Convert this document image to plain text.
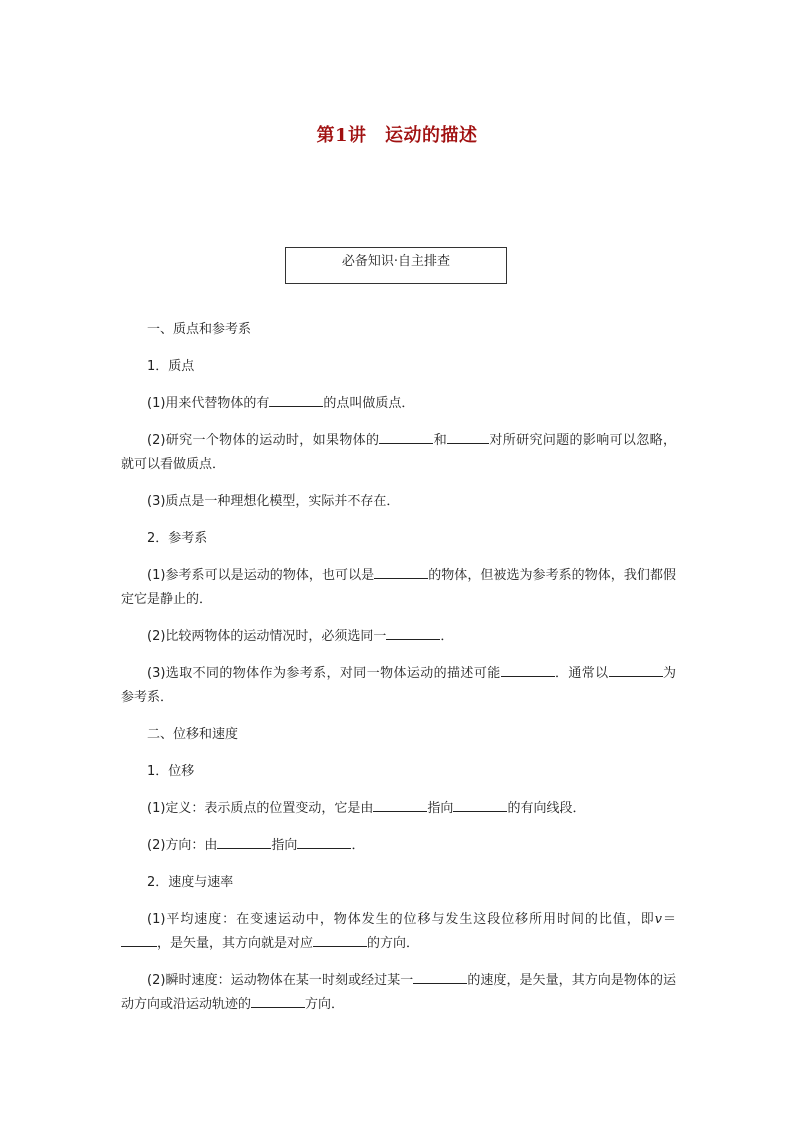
第1讲　运动的描述
必备知识·自主排查
一、质点和参考系
1．质点
(1)用来代替物体的有	的点叫做质点．
(2)研究一个物体的运动时，如果物体的	和	对所研究问题的影响可以忽略，就可以看做质点．
(3)质点是一种理想化模型，实际并不存在．
2．参考系
(1)参考系可以是运动的物体，也可以是	的物体，但被选为参考系的物体，我们都假定它是静止的．
(2)比较两物体的运动情况时，必须选同一	．
(3)选取不同的物体作为参考系，对同一物体运动的描述可能	．通常以	为参考系．
二、位移和速度
1．位移
(1)定义：表示质点的位置变动，它是由	指向	的有向线段．
(2)方向：由	指向	．
2．速度与速率
(1)平均速度：在变速运动中，物体发生的位移与发生这段位移所用时间的比值，即v＝，是矢量，其方向就是对应	的方向．
(2)瞬时速度：运动物体在某一时刻或经过某一	的速度，是矢量，其方向是物体的运动方向或沿运动轨迹的	方向．
